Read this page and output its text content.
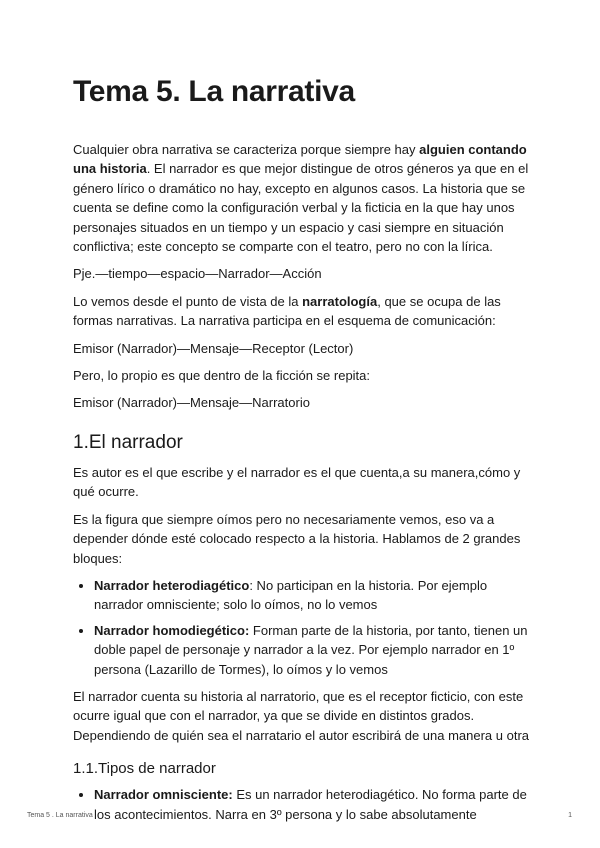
Tema 5. La narrativa

Cualquier obra narrativa se caracteriza porque siempre hay alguien contando una historia. El narrador es que mejor distingue de otros géneros ya que en el género lírico o dramático no hay, excepto en algunos casos. La historia que se cuenta se define como la configuración verbal y la ficticia en la que hay unos personajes situados en un tiempo y un espacio y casi siempre en situación conflictiva; este concepto se comparte con el teatro, pero no con la lírica.

Pje.—tiempo—espacio—Narrador—Acción

Lo vemos desde el punto de vista de la narratología, que se ocupa de las formas narrativas. La narrativa participa en el esquema de comunicación:

Emisor (Narrador)—Mensaje—Receptor (Lector)

Pero, lo propio es que dentro de la ficción se repita:

Emisor (Narrador)—Mensaje—Narratorio

1.El narrador

Es autor es el que escribe y el narrador es el que cuenta,a su manera,cómo y qué ocurre.

Es la figura que siempre oímos pero no necesariamente vemos, eso va a depender dónde esté colocado respecto a la historia. Hablamos de 2 grandes bloques:

• Narrador heterodiagético: No participan en la historia. Por ejemplo narrador omnisciente; solo lo oímos, no lo vemos
• Narrador homodiegético: Forman parte de la historia, por tanto, tienen un doble papel de personaje y narrador a la vez. Por ejemplo narrador en 1º persona (Lazarillo de Tormes), lo oímos y lo vemos

El narrador cuenta su historia al narratorio, que es el receptor ficticio, con este ocurre igual que con el narrador, ya que se divide en distintos grados. Dependiendo de quién sea el narratario el autor escribirá de una manera u otra

1.1.Tipos de narrador
• Narrador omnisciente: Es un narrador heterodiagético. No forma parte de los acontecimientos. Narra en 3º persona y lo sabe absolutamente
Tema 5 . La narrativa	1
